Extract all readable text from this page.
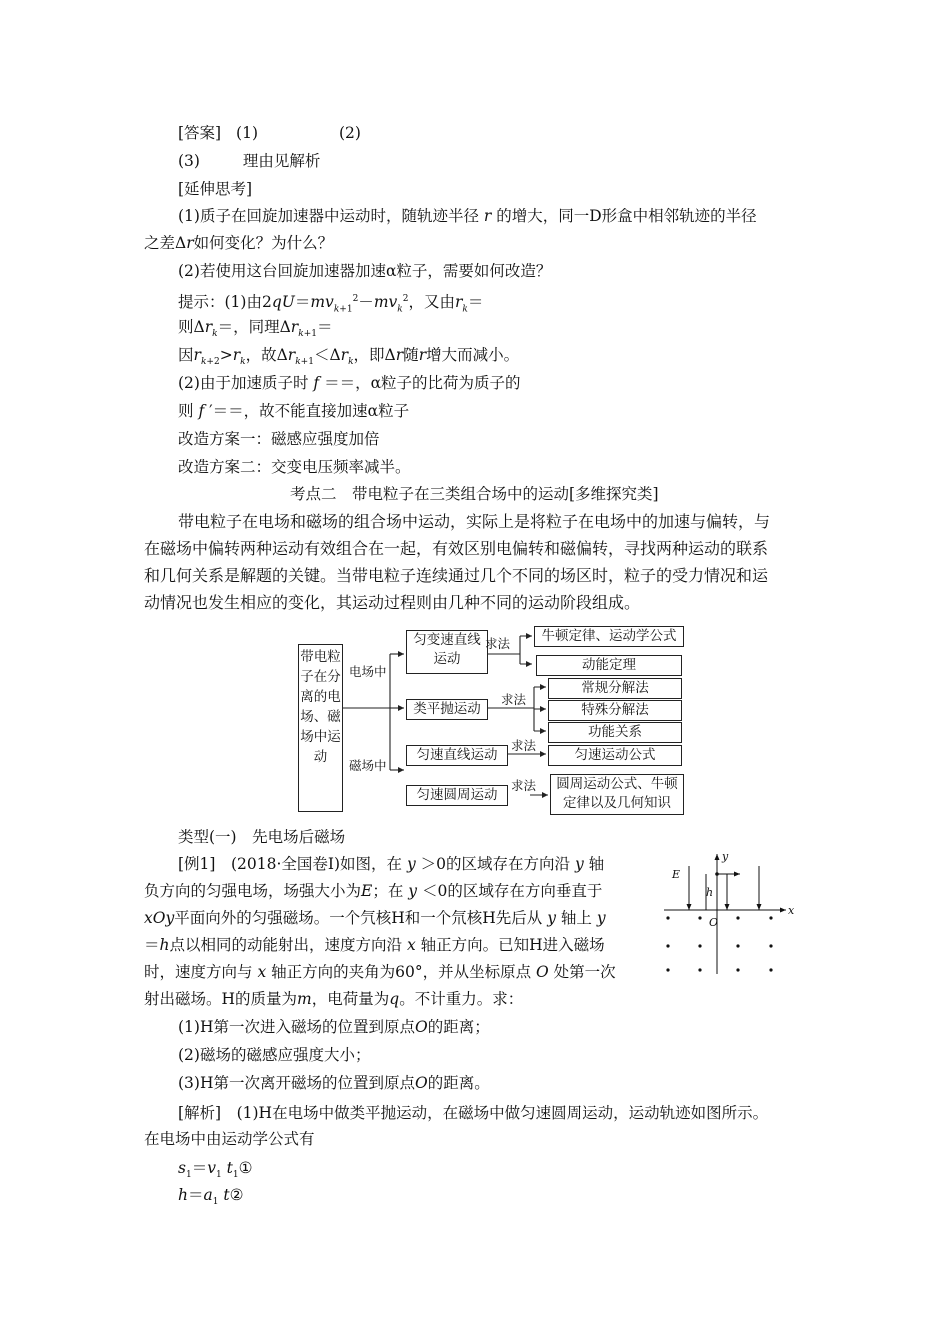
[答案] (1)	(2)
(3)	理由见解析
[延伸思考]
(1)质子在回旋加速器中运动时，随轨迹半径 r 的增大，同一D形盒中相邻轨迹的半径
之差Δr如何变化？为什么？
(2)若使用这台回旋加速器加速α粒子，需要如何改造？
提示：(1)由$2qU=mv_{k+1}^2-mv_k^2$，又由$r_k=$
则$\Delta r_k=$，同理$\Delta r_{k+1}=$
因$r_{k+2}>r_k$，故$\Delta r_{k+1}<\Delta r_k$，即Δr随r增大而减小。
(2)由于加速质子时 f ＝＝，α粒子的比荷为质子的
则 f ′＝＝，故不能直接加速α粒子
改造方案一：磁感应强度加倍
改造方案二：交变电压频率减半。
考点二　带电粒子在三类组合场中的运动[多维探究类]
带电粒子在电场和磁场的组合场中运动，实际上是将粒子在电场中的加速与偏转，与
在磁场中偏转两种运动有效组合在一起，有效区别电偏转和磁偏转，寻找两种运动的联系
和几何关系是解题的关键。当带电粒子连续通过几个不同的场区时，粒子的受力情况和运
动情况也发生相应的变化，其运动过程则由几种不同的运动阶段组成。
带电粒子在分离的电场、磁场中运动
电场中
磁场中
匀变速直线运动
类平抛运动
匀速直线运动
匀速圆周运动
求法
求法
求法
求法
牛顿定律、运动学公式
动能定理
常规分解法
特殊分解法
功能关系
匀速运动公式
圆周运动公式、牛顿定律以及几何知识
类型(一)　先电场后磁场
[例1]　(2018·全国卷Ⅰ)如图，在 y ＞0的区域存在方向沿 y 轴
负方向的匀强电场，场强大小为E；在 y ＜0的区域存在方向垂直于
xOy平面向外的匀强磁场。一个氕核H和一个氘核H先后从 y 轴上 y
＝h点以相同的动能射出，速度方向沿 x 轴正方向。已知H进入磁场
时，速度方向与 x 轴正方向的夹角为60°，并从坐标原点 O 处第一次
射出磁场。H的质量为m，电荷量为q。不计重力。求：
(1)H第一次进入磁场的位置到原点O的距离；
(2)磁场的磁感应强度大小；
(3)H第一次离开磁场的位置到原点O的距离。
E
h
O
x
y
[解析]　(1)H在电场中做类平抛运动，在磁场中做匀速圆周运动，运动轨迹如图所示。
在电场中由运动学公式有
$s_1=v_1$ $t_1①$
$h=a_1$ t②
